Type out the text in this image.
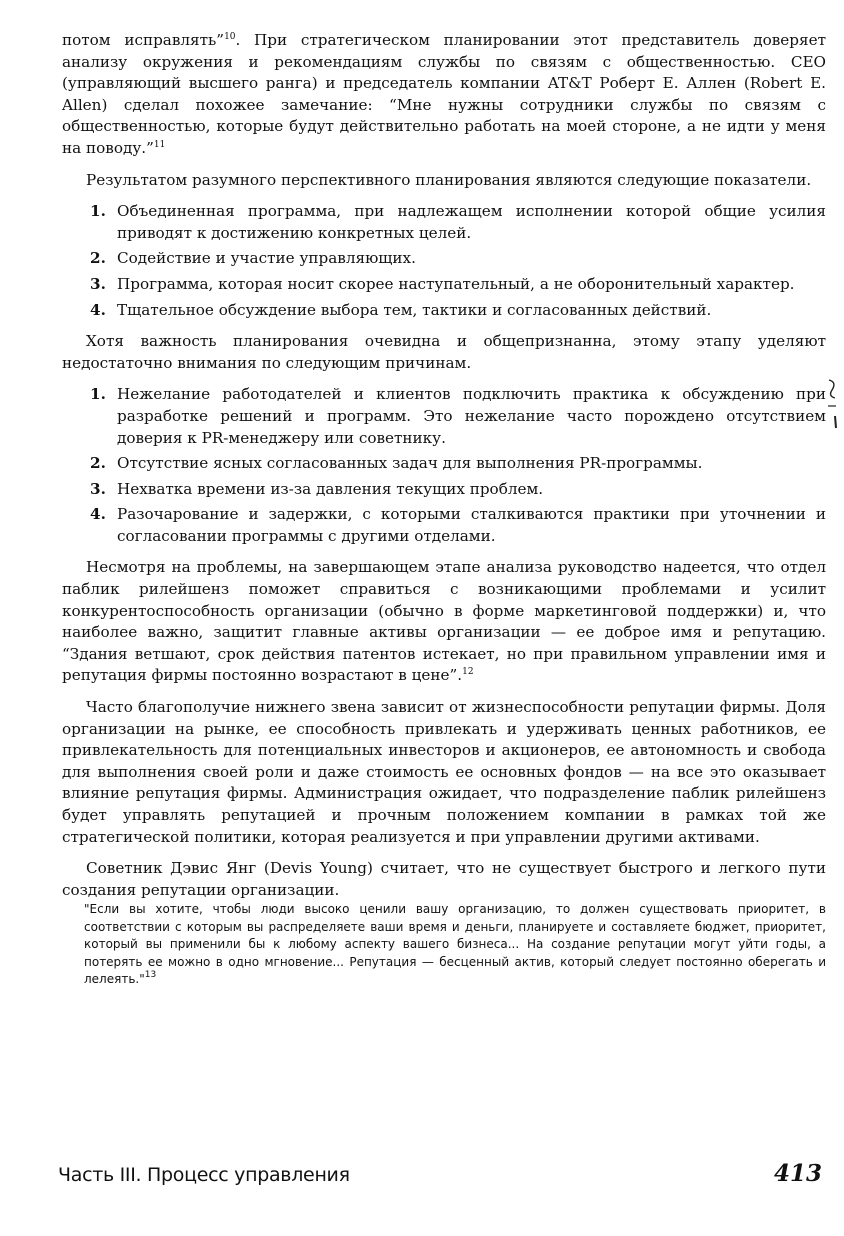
потом исправлять”$^{10}$. При стратегическом планировании этот представитель доверяет анализу окружения и рекомендациям службы по связям с общественностью. CEO (управляющий высшего ранга) и председатель компании AT&T Роберт Е. Аллен (Robert E. Allen) сделал похожее замечание: “Мне нужны сотрудники службы по связям с общественностью, которые будут действительно работать на моей стороне, а не идти у меня на поводу.”$^{11}$

Результатом разумного перспективного планирования являются следующие показатели.

1. Объединенная программа, при надлежащем исполнении которой общие усилия приводят к достижению конкретных целей.
2. Содействие и участие управляющих.
3. Программа, которая носит скорее наступательный, а не оборонительный характер.
4. Тщательное обсуждение выбора тем, тактики и согласованных действий.

Хотя важность планирования очевидна и общепризнанна, этому этапу уделяют недостаточно внимания по следующим причинам.

1. Нежелание работодателей и клиентов подключить практика к обсуждению при разработке решений и программ. Это нежелание часто порождено отсутствием доверия к PR-менеджеру или советнику.
2. Отсутствие ясных согласованных задач для выполнения PR-программы.
3. Нехватка времени из-за давления текущих проблем.
4. Разочарование и задержки, с которыми сталкиваются практики при уточнении и согласовании программы с другими отделами.

Несмотря на проблемы, на завершающем этапе анализа руководство надеется, что отдел паблик рилейшенз поможет справиться с возникающими проблемами и усилит конкурентоспособность организации (обычно в форме маркетинговой поддержки) и, что наиболее важно, защитит главные активы организации — ее доброе имя и репутацию. “Здания ветшают, срок действия патентов истекает, но при правильном управлении имя и репутация фирмы постоянно возрастают в цене”.$^{12}$

Часто благополучие нижнего звена зависит от жизнеспособности репутации фирмы. Доля организации на рынке, ее способность привлекать и удерживать ценных работников, ее привлекательность для потенциальных инвесторов и акционеров, ее автономность и свобода для выполнения своей роли и даже стоимость ее основных фондов — на все это оказывает влияние репутация фирмы. Администрация ожидает, что подразделение паблик рилейшенз будет управлять репутацией и прочным положением компании в рамках той же стратегической политики, которая реализуется и при управлении другими активами.

Советник Дэвис Янг (Devis Young) считает, что не существует быстрого и легкого пути создания репутации организации.

"Если вы хотите, чтобы люди высоко ценили вашу организацию, то должен существовать приоритет, в соответствии с которым вы распределяете ваши время и деньги, планируете и составляете бюджет, приоритет, который вы применили бы к любому аспекту вашего бизнеса... На создание репутации могут уйти годы, а потерять ее можно в одно мгновение... Репутация — бесценный актив, который следует постоянно оберегать и лелеять."$^{13}$

Часть III. Процесс управления	413
